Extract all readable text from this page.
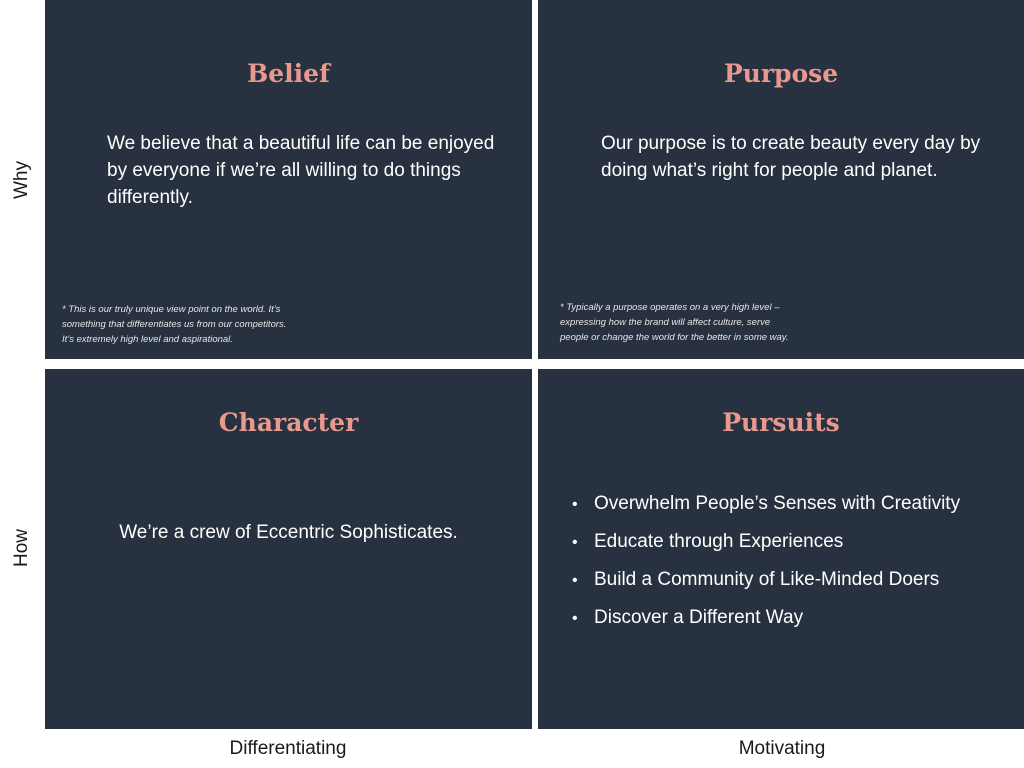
Why
How
Belief

We believe that a beautiful life can be enjoyed by everyone if we’re all willing to do things differently.

* This is our truly unique view point on the world. It’s
something that differentiates us from our competitors.
It’s extremely high level and aspirational.

Purpose

Our purpose is to create beauty every day by doing what’s right for people and planet.

* Typically a purpose operates on a very high level –
expressing how the brand will affect culture, serve
people or change the world for the better in some way.

Character

We’re a crew of Eccentric Sophisticates.

Pursuits
• Overwhelm People’s Senses with Creativity
• Educate through Experiences
• Build a Community of Like-Minded Doers
• Discover a Different Way
Differentiating	Motivating
